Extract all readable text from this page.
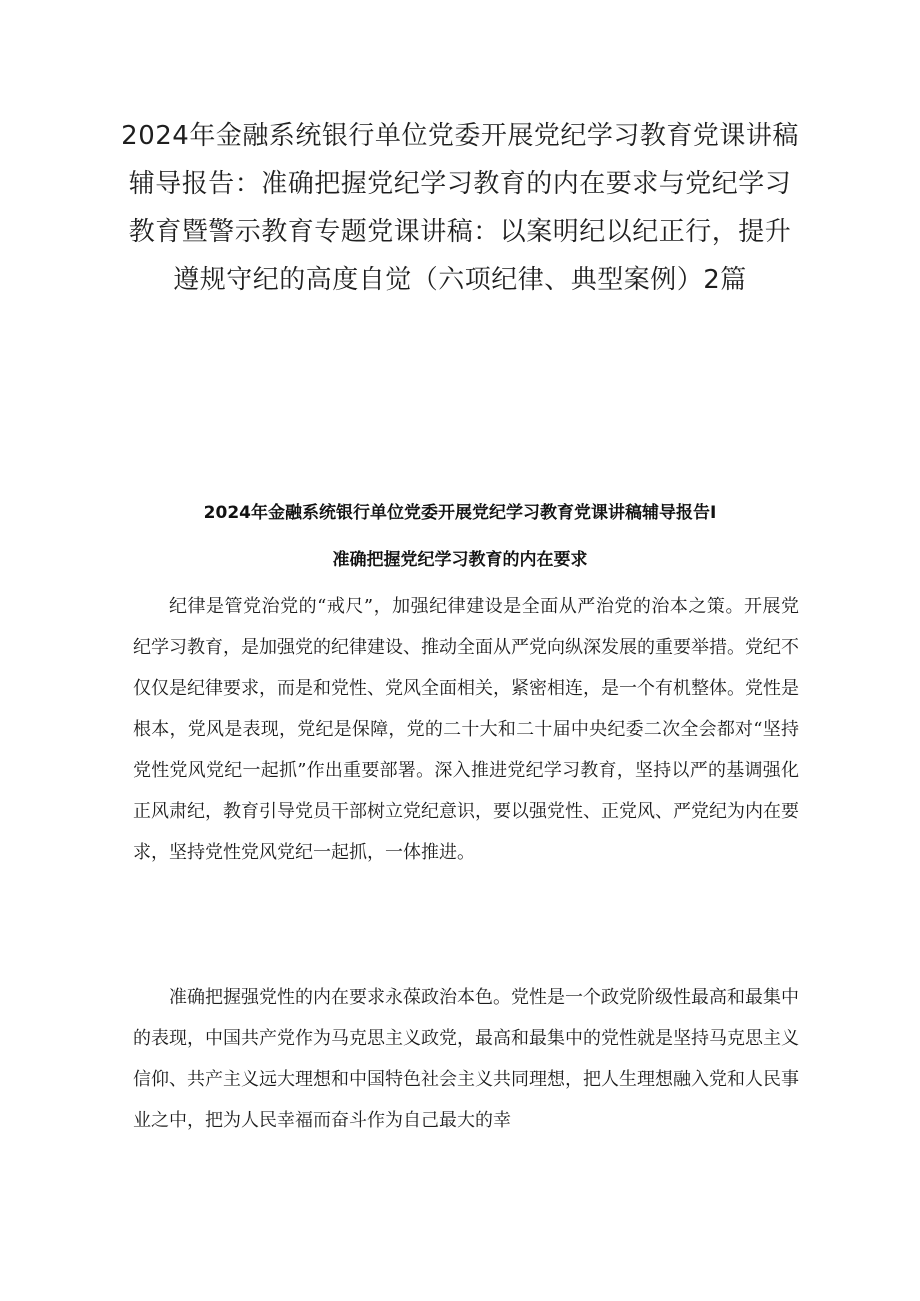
2024年金融系统银行单位党委开展党纪学习教育党课讲稿辅导报告：准确把握党纪学习教育的内在要求与党纪学习教育暨警示教育专题党课讲稿：以案明纪以纪正行，提升遵规守纪的高度自觉（六项纪律、典型案例）2篇
2024年金融系统银行单位党委开展党纪学习教育党课讲稿辅导报告I
准确把握党纪学习教育的内在要求

纪律是管党治党的“戒尺”，加强纪律建设是全面从严治党的治本之策。开展党纪学习教育，是加强党的纪律建设、推动全面从严党向纵深发展的重要举措。党纪不仅仅是纪律要求，而是和党性、党风全面相关，紧密相连，是一个有机整体。党性是根本，党风是表现，党纪是保障，党的二十大和二十届中央纪委二次全会都对“坚持党性党风党纪一起抓”作出重要部署。深入推进党纪学习教育，坚持以严的基调强化正风肃纪，教育引导党员干部树立党纪意识，要以强党性、正党风、严党纪为内在要求，坚持党性党风党纪一起抓，一体推进。

准确把握强党性的内在要求永葆政治本色。党性是一个政党阶级性最高和最集中的表现，中国共产党作为马克思主义政党，最高和最集中的党性就是坚持马克思主义信仰、共产主义远大理想和中国特色社会主义共同理想，把人生理想融入党和人民事业之中，把为人民幸福而奋斗作为自己最大的幸
